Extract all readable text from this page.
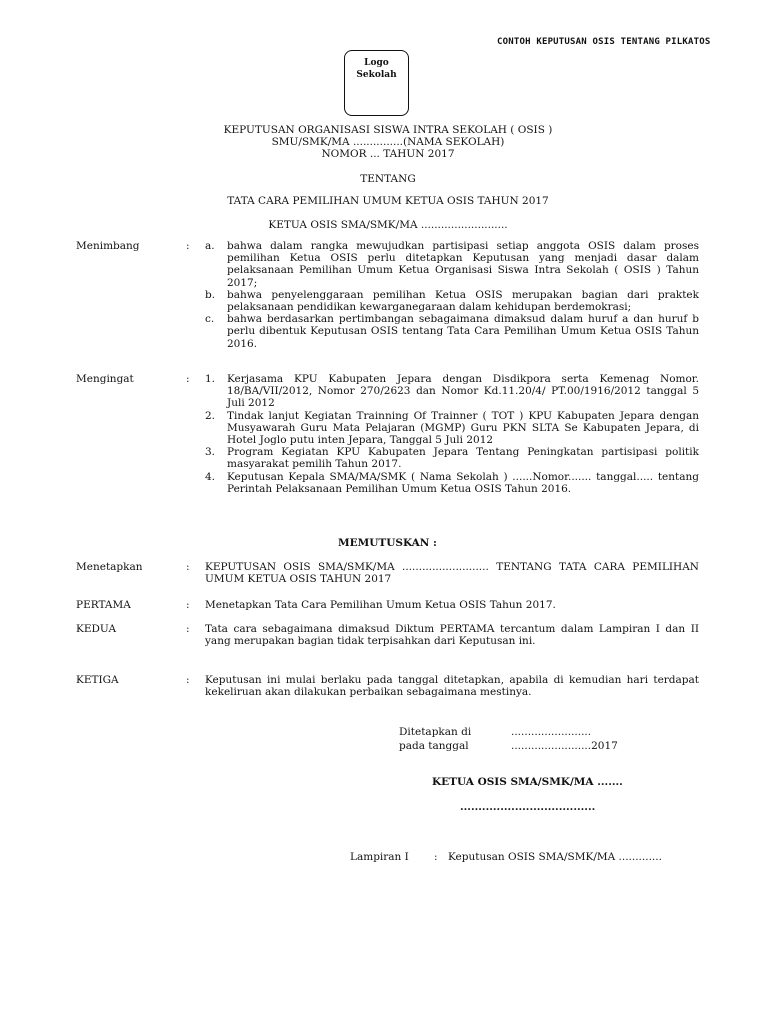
CONTOH KEPUTUSAN OSIS TENTANG PILKATOS
Logo
Sekolah
KEPUTUSAN ORGANISASI SISWA INTRA SEKOLAH ( OSIS )
SMU/SMK/MA ...............(NAMA SEKOLAH)
NOMOR ... TAHUN 2017
TENTANG
TATA CARA PEMILIHAN UMUM KETUA OSIS TAHUN 2017
KETUA OSIS SMA/SMK/MA ..........................
Menimbang	: a.	bahwa dalam rangka mewujudkan partisipasi setiap anggota OSIS dalam proses pemilihan Ketua OSIS perlu ditetapkan Keputusan yang menjadi dasar dalam pelaksanaan Pemilihan Umum Ketua Organisasi Siswa Intra Sekolah ( OSIS ) Tahun 2017;
b.	bahwa penyelenggaraan pemilihan Ketua OSIS merupakan bagian dari praktek pelaksanaan pendidikan kewarganegaraan dalam kehidupan berdemokrasi;
c.	bahwa berdasarkan pertimbangan sebagaimana dimaksud dalam huruf a dan huruf b perlu dibentuk Keputusan OSIS tentang Tata Cara Pemilihan Umum Ketua OSIS Tahun 2016.
Mengingat	: 1.	Kerjasama KPU Kabupaten Jepara dengan Disdikpora serta Kemenag Nomor. 18/BA/VII/2012, Nomor 270/2623 dan Nomor Kd.11.20/4/ PT.00/1916/2012 tanggal 5 Juli 2012
2.	Tindak lanjut Kegiatan Trainning Of Trainner ( TOT ) KPU Kabupaten Jepara dengan Musyawarah Guru Mata Pelajaran (MGMP) Guru PKN SLTA Se Kabupaten Jepara, di Hotel Joglo putu inten Jepara, Tanggal 5 Juli 2012
3.	Program Kegiatan KPU Kabupaten Jepara Tentang Peningkatan partisipasi politik masyarakat pemilih Tahun 2017.
4.	Keputusan Kepala SMA/MA/SMK ( Nama Sekolah ) ......Nomor....... tanggal..... tentang Perintah Pelaksanaan Pemilihan Umum Ketua OSIS Tahun 2016.
MEMUTUSKAN :
Menetapkan	: KEPUTUSAN OSIS SMA/SMK/MA .......................... TENTANG TATA CARA PEMILIHAN UMUM KETUA OSIS TAHUN 2017
PERTAMA	: Menetapkan Tata Cara Pemilihan Umum Ketua OSIS Tahun 2017.
KEDUA	: Tata cara sebagaimana dimaksud Diktum PERTAMA tercantum dalam Lampiran I dan II yang merupakan bagian tidak terpisahkan dari Keputusan ini.
KETIGA	: Keputusan ini mulai berlaku pada tanggal ditetapkan, apabila di kemudian hari terdapat kekeliruan akan dilakukan perbaikan sebagaimana mestinya.
Ditetapkan di	........................
pada tanggal	........................2017
KETUA OSIS SMA/SMK/MA .......
.....................................
Lampiran I : Keputusan OSIS SMA/SMK/MA .............
